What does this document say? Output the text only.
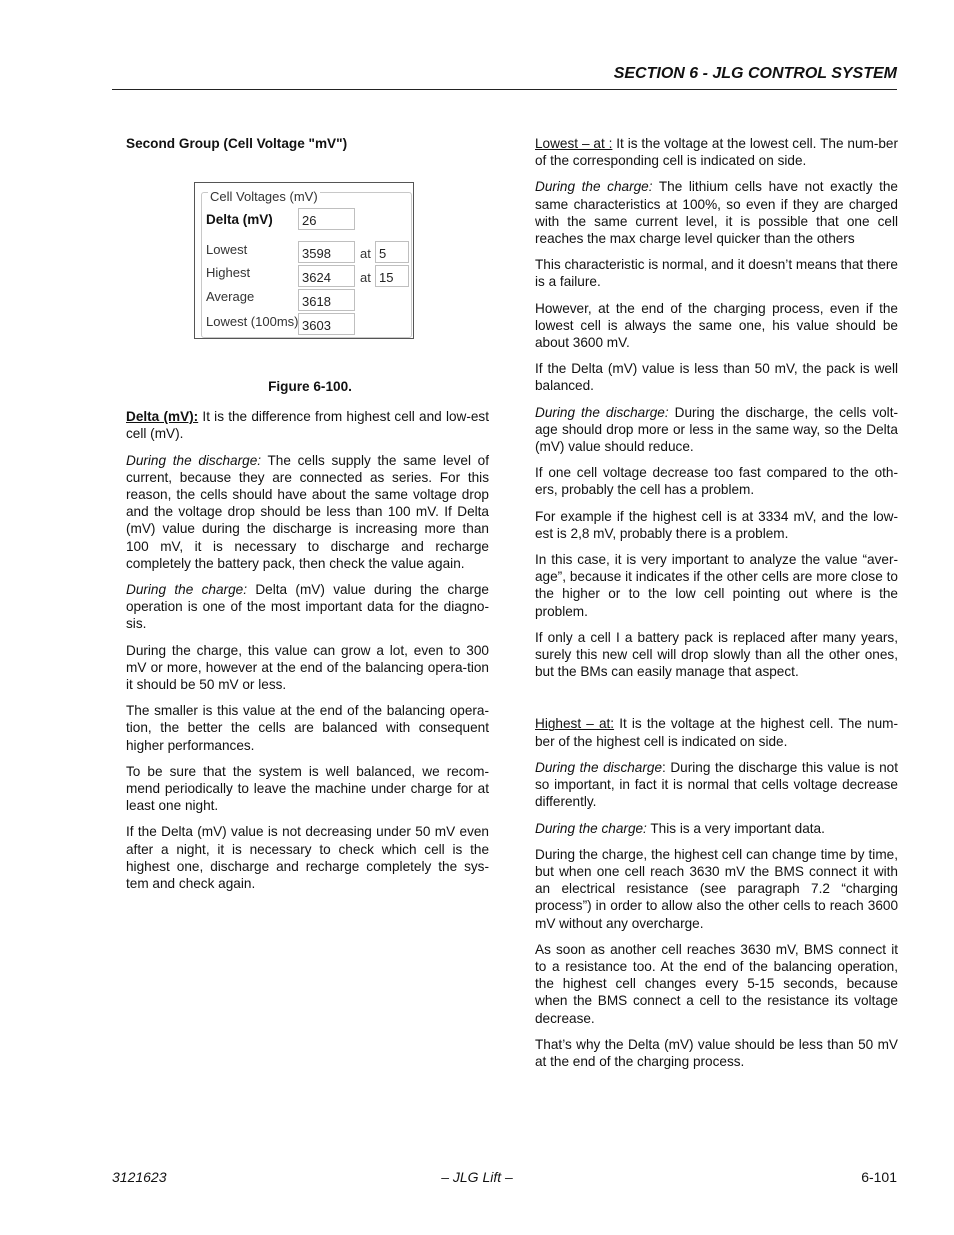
SECTION 6 - JLG CONTROL SYSTEM

Second Group (Cell Voltage "mV")

Cell Voltages (mV)
Delta (mV)	26
Lowest	3598	at 5
Highest	3624	at 15
Average	3618
Lowest (100ms) 3603
Figure 6-100.

Delta (mV): It is the difference from highest cell and low-est cell (mV).

During the discharge: The cells supply the same level of current, because they are connected as series. For this reason, the cells should have about the same voltage drop and the voltage drop should be less than 100 mV. If Delta (mV) value during the discharge is increasing more than 100 mV, it is necessary to discharge and recharge completely the battery pack, then check the value again.

During the charge: Delta (mV) value during the charge operation is one of the most important data for the diagno-sis.

During the charge, this value can grow a lot, even to 300 mV or more, however at the end of the balancing opera-tion it should be 50 mV or less.

The smaller is this value at the end of the balancing opera-tion, the better the cells are balanced with consequent higher performances.

To be sure that the system is well balanced, we recom-mend periodically to leave the machine under charge for at least one night.

If the Delta (mV) value is not decreasing under 50 mV even after a night, it is necessary to check which cell is the highest one, discharge and recharge completely the sys-tem and check again.

Lowest – at : It is the voltage at the lowest cell. The num-ber of the corresponding cell is indicated on side.

During the charge: The lithium cells have not exactly the same characteristics at 100%, so even if they are charged with the same current level, it is possible that one cell reaches the max charge level quicker than the others

This characteristic is normal, and it doesn’t means that there is a failure.

However, at the end of the charging process, even if the lowest cell is always the same one, his value should be about 3600 mV.

If the Delta (mV) value is less than 50 mV, the pack is well balanced.

During the discharge: During the discharge, the cells volt-age should drop more or less in the same way, so the Delta (mV) value should reduce.

If one cell voltage decrease too fast compared to the oth-ers, probably the cell has a problem.

For example if the highest cell is at 3334 mV, and the low-est is 2,8 mV, probably there is a problem.

In this case, it is very important to analyze the value “aver-age”, because it indicates if the other cells are more close to the higher or to the low cell pointing out where is the problem.

If only a cell I a battery pack is replaced after many years, surely this new cell will drop slowly than all the other ones, but the BMs can easily manage that aspect.

Highest – at: It is the voltage at the highest cell. The num-ber of the highest cell is indicated on side.

During the discharge: During the discharge this value is not so important, in fact it is normal that cells voltage decrease differently.

During the charge: This is a very important data.

During the charge, the highest cell can change time by time, but when one cell reach 3630 mV the BMS connect it with an electrical resistance (see paragraph 7.2 “charging process”) in order to allow also the other cells to reach 3600 mV without any overcharge.

As soon as another cell reaches 3630 mV, BMS connect it to a resistance too. At the end of the balancing operation, the highest cell changes every 5-15 seconds, because when the BMS connect a cell to the resistance its voltage decrease.

That’s why the Delta (mV) value should be less than 50 mV at the end of the charging process.

3121623	– JLG Lift –	6-101
